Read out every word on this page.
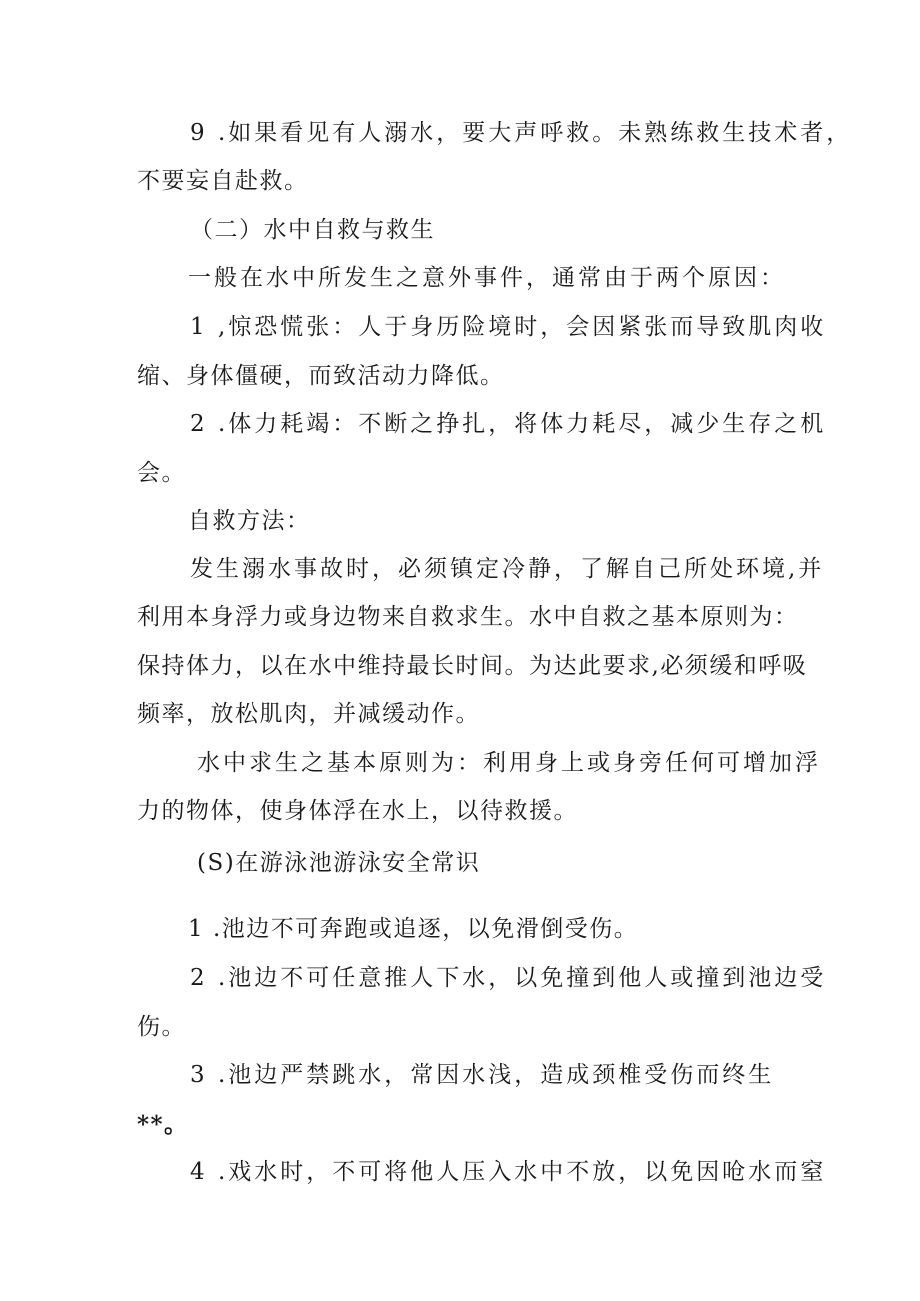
9 .如果看见有人溺水，要大声呼救。未熟练救生技术者，
不要妄自赴救。
（二）水中自救与救生
一般在水中所发生之意外事件，通常由于两个原因：
1 ,惊恐慌张：人于身历险境时，会因紧张而导致肌肉收
缩、身体僵硬，而致活动力降低。
2 .体力耗竭：不断之挣扎，将体力耗尽，减少生存之机
会。
自救方法：
发生溺水事故时，必须镇定冷静，了解自己所处环境,并
利用本身浮力或身边物来自救求生。水中自救之基本原则为：
保持体力，以在水中维持最长时间。为达此要求,必须缓和呼吸
频率，放松肌肉，并减缓动作。
水中求生之基本原则为：利用身上或身旁任何可增加浮
力的物体，使身体浮在水上，以待救援。
(S)在游泳池游泳安全常识
1 .池边不可奔跑或追逐，以免滑倒受伤。
2 .池边不可任意推人下水，以免撞到他人或撞到池边受
伤。
3 .池边严禁跳水，常因水浅，造成颈椎受伤而终生
**。
4 .戏水时，不可将他人压入水中不放，以免因呛水而窒
